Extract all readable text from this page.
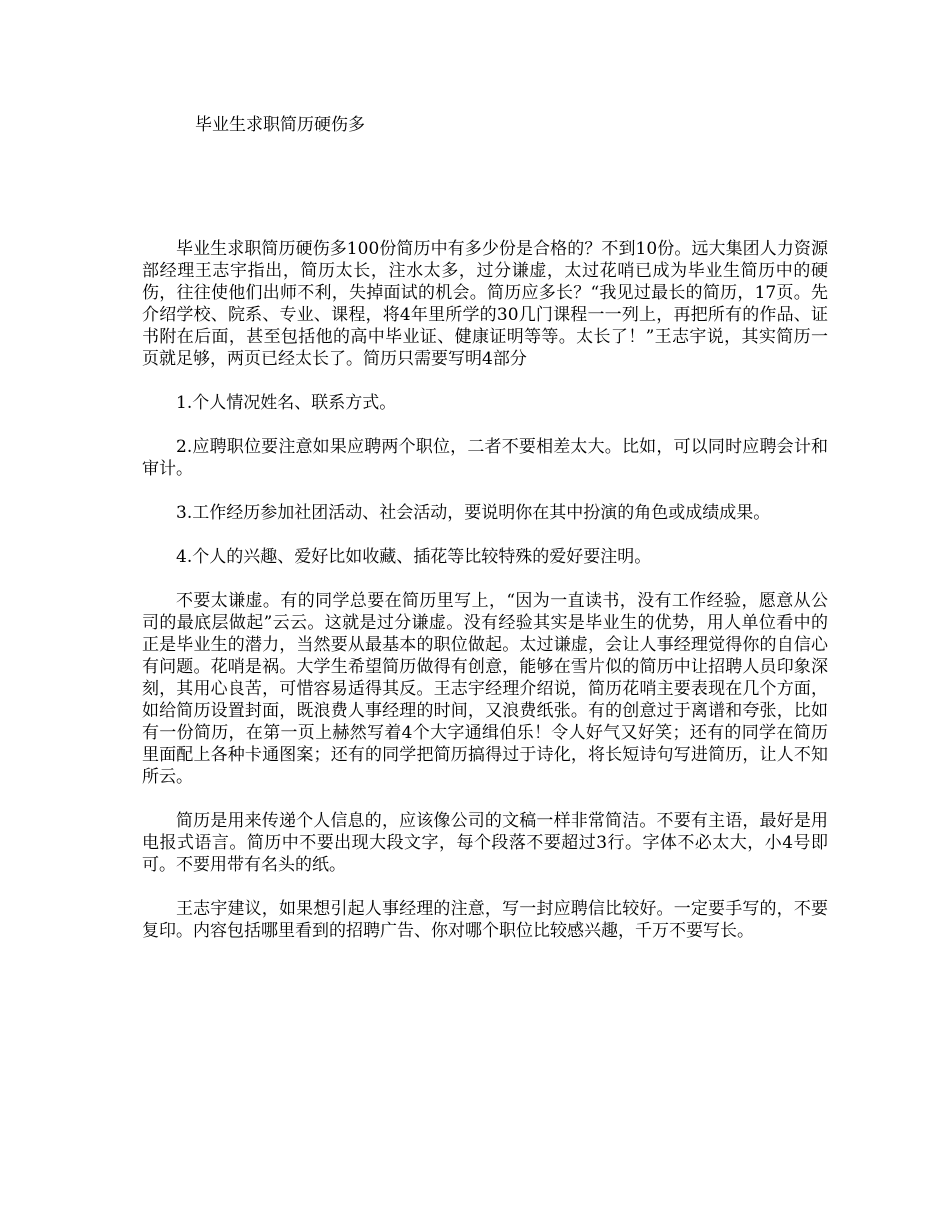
毕业生求职简历硬伤多

毕业生求职简历硬伤多100份简历中有多少份是合格的？不到10份。远大集团人力资源部经理王志宇指出，简历太长，注水太多，过分谦虚，太过花哨已成为毕业生简历中的硬伤，往往使他们出师不利，失掉面试的机会。简历应多长？“我见过最长的简历，17页。先介绍学校、院系、专业、课程，将4年里所学的30几门课程一一列上，再把所有的作品、证书附在后面，甚至包括他的高中毕业证、健康证明等等。太长了！”王志宇说，其实简历一页就足够，两页已经太长了。简历只需要写明4部分

1.个人情况姓名、联系方式。

2.应聘职位要注意如果应聘两个职位，二者不要相差太大。比如，可以同时应聘会计和审计。

3.工作经历参加社团活动、社会活动，要说明你在其中扮演的角色或成绩成果。

4.个人的兴趣、爱好比如收藏、插花等比较特殊的爱好要注明。

不要太谦虚。有的同学总要在简历里写上，“因为一直读书，没有工作经验，愿意从公司的最底层做起”云云。这就是过分谦虚。没有经验其实是毕业生的优势，用人单位看中的正是毕业生的潜力，当然要从最基本的职位做起。太过谦虚，会让人事经理觉得你的自信心有问题。花哨是祸。大学生希望简历做得有创意，能够在雪片似的简历中让招聘人员印象深刻，其用心良苦，可惜容易适得其反。王志宇经理介绍说，简历花哨主要表现在几个方面，如给简历设置封面，既浪费人事经理的时间，又浪费纸张。有的创意过于离谱和夸张，比如有一份简历，在第一页上赫然写着4个大字通缉伯乐！令人好气又好笑；还有的同学在简历里面配上各种卡通图案；还有的同学把简历搞得过于诗化，将长短诗句写进简历，让人不知所云。

简历是用来传递个人信息的，应该像公司的文稿一样非常简洁。不要有主语，最好是用电报式语言。简历中不要出现大段文字，每个段落不要超过3行。字体不必太大，小4号即可。不要用带有名头的纸。

王志宇建议，如果想引起人事经理的注意，写一封应聘信比较好。一定要手写的，不要复印。内容包括哪里看到的招聘广告、你对哪个职位比较感兴趣，千万不要写长。
